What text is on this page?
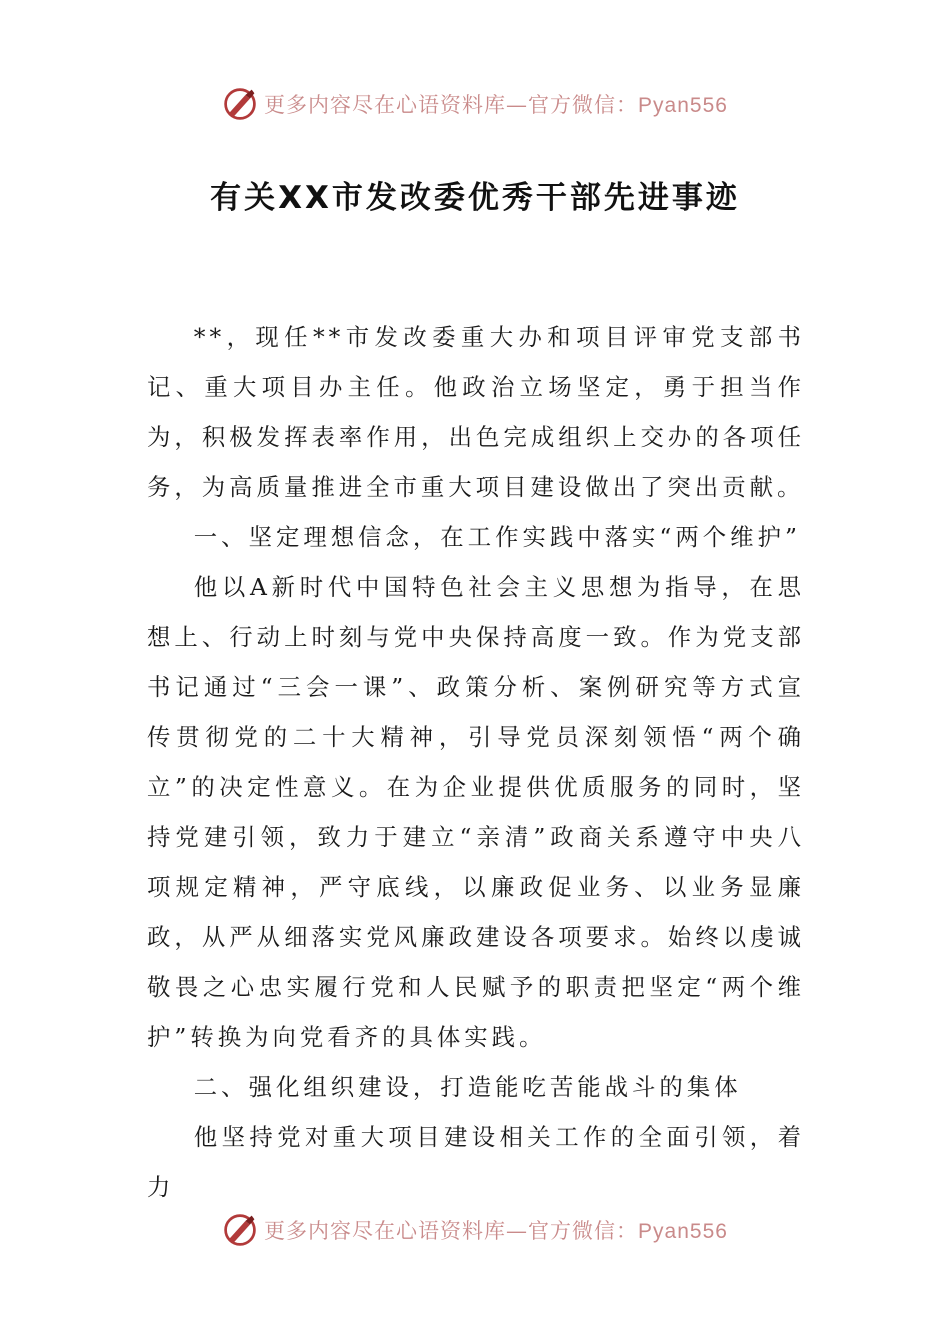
更多内容尽在心语资料库—官方微信：Pyan556
有关XX市发改委优秀干部先进事迹

**，现任**市发改委重大办和项目评审党支部书记、重大项目办主任。他政治立场坚定，勇于担当作为，积极发挥表率作用，出色完成组织上交办的各项任务，为高质量推进全市重大项目建设做出了突出贡献。

一、坚定理想信念，在工作实践中落实“两个维护”

他以A新时代中国特色社会主义思想为指导，在思想上、行动上时刻与党中央保持高度一致。作为党支部书记通过“三会一课”、政策分析、案例研究等方式宣传贯彻党的二十大精神，引导党员深刻领悟“两个确立”的决定性意义。在为企业提供优质服务的同时，坚持党建引领，致力于建立“亲清”政商关系遵守中央八项规定精神，严守底线，以廉政促业务、以业务显廉政，从严从细落实党风廉政建设各项要求。始终以虔诚敬畏之心忠实履行党和人民赋予的职责把坚定“两个维护”转换为向党看齐的具体实践。

二、强化组织建设，打造能吃苦能战斗的集体

他坚持党对重大项目建设相关工作的全面引领，着力

更多内容尽在心语资料库—官方微信：Pyan556
